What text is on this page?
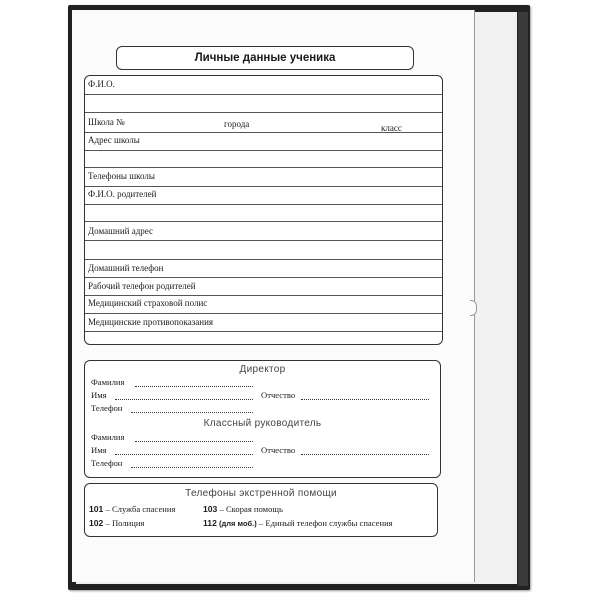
Личные данные ученика
Ф.И.О.
Школа №	города	класс
Адрес школы
Телефоны школы
Ф.И.О. родителей
Домашний адрес
Домашний телефон
Рабочий телефон родителей
Медицинский страховой полис
Медицинские противопоказания
Директор
Фамилия
Имя	Отчество
Телефон
Классный руководитель
Фамилия
Имя	Отчество
Телефон
Телефоны экстренной помощи
101 – Служба спасения	103 – Скорая помощь
102 – Полиция	112 (для моб.) – Единый телефон службы спасения
